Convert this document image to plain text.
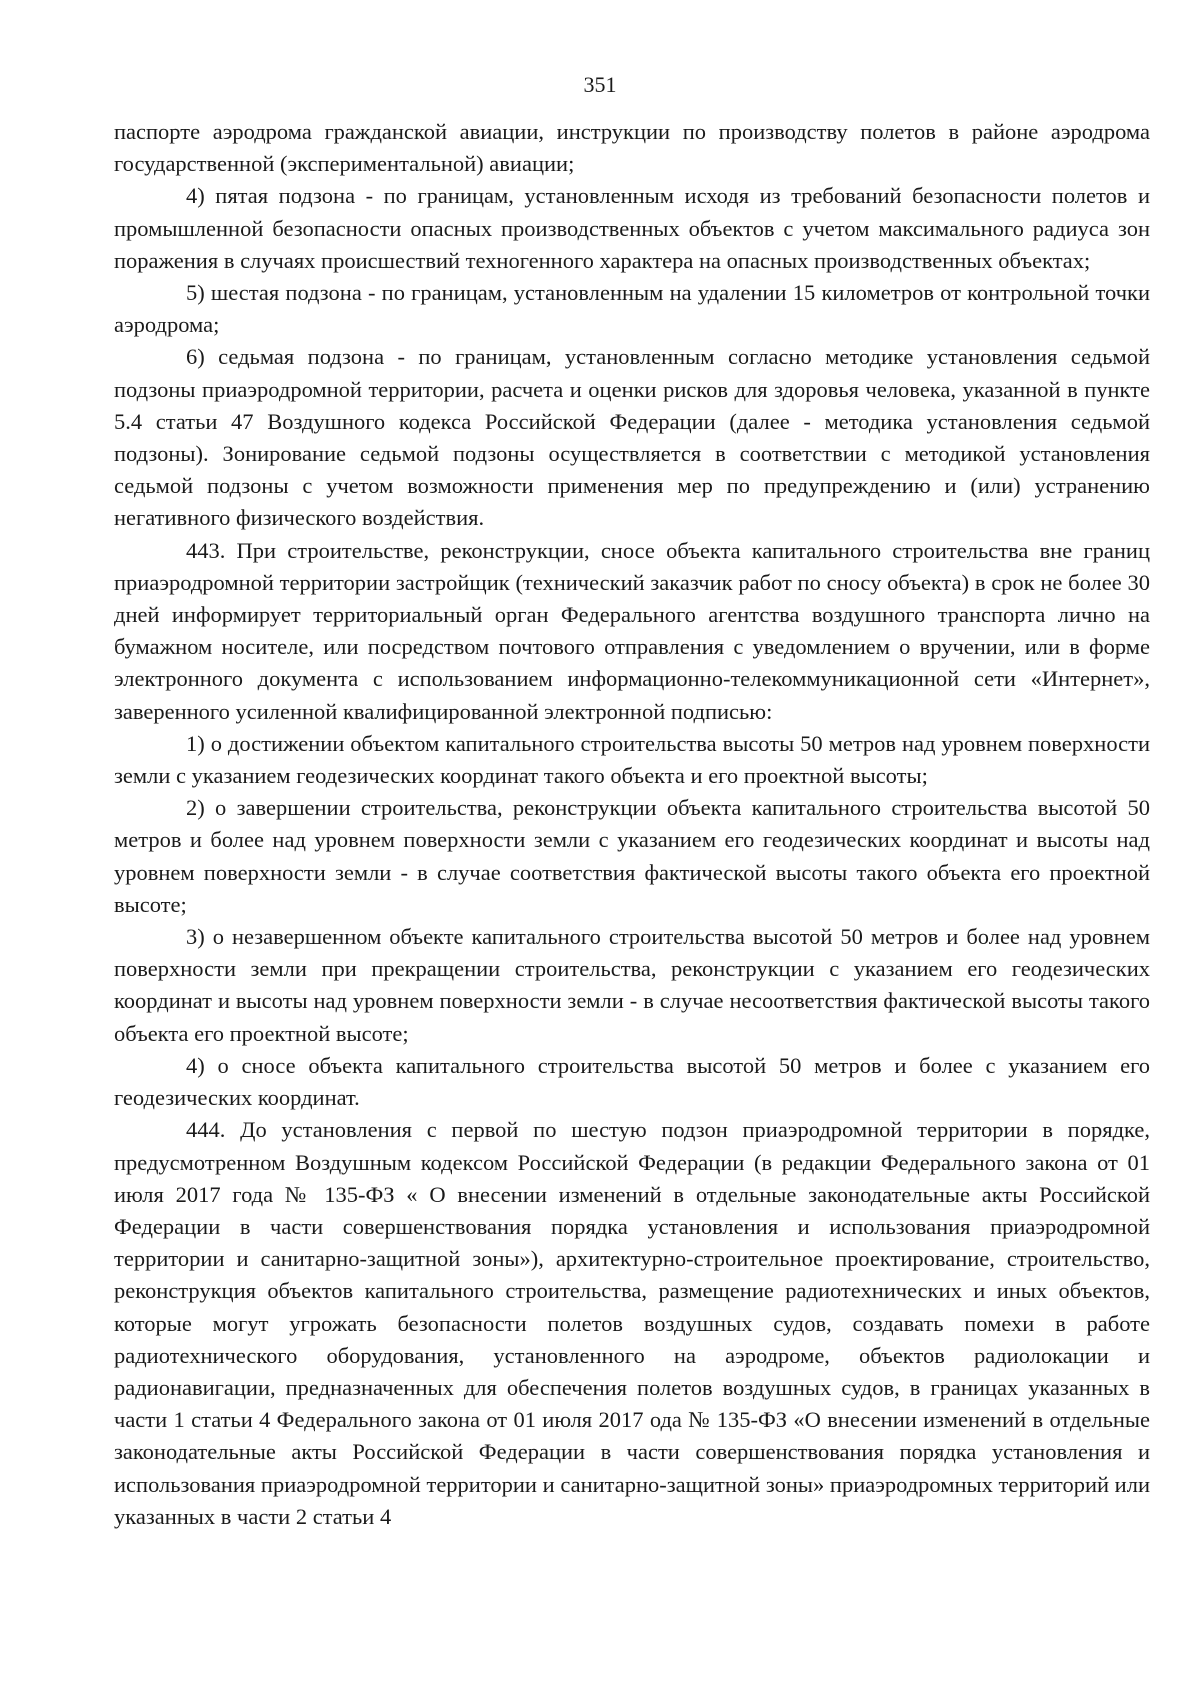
351

паспорте аэродрома гражданской авиации, инструкции по производству полетов в районе аэродрома государственной (экспериментальной) авиации;

4) пятая подзона - по границам, установленным исходя из требований безопасности полетов и промышленной безопасности опасных производственных объектов с учетом максимального радиуса зон поражения в случаях происшествий техногенного характера на опасных производственных объектах;

5) шестая подзона - по границам, установленным на удалении 15 километров от контрольной точки аэродрома;

6) седьмая подзона - по границам, установленным согласно методике установления седьмой подзоны приаэродромной территории, расчета и оценки рисков для здоровья человека, указанной в пункте 5.4 статьи 47 Воздушного кодекса Российской Федерации (далее - методика установления седьмой подзоны). Зонирование седьмой подзоны осуществляется в соответствии с методикой установления седьмой подзоны с учетом возможности применения мер по предупреждению и (или) устранению негативного физического воздействия.

443. При строительстве, реконструкции, сносе объекта капитального строительства вне границ приаэродромной территории застройщик (технический заказчик работ по сносу объекта) в срок не более 30 дней информирует территориальный орган Федерального агентства воздушного транспорта лично на бумажном носителе, или посредством почтового отправления с уведомлением о вручении, или в форме электронного документа с использованием информационно-телекоммуникационной сети «Интернет», заверенного усиленной квалифицированной электронной подписью:

1) о достижении объектом капитального строительства высоты 50 метров над уровнем поверхности земли с указанием геодезических координат такого объекта и его проектной высоты;

2) о завершении строительства, реконструкции объекта капитального строительства высотой 50 метров и более над уровнем поверхности земли с указанием его геодезических координат и высоты над уровнем поверхности земли - в случае соответствия фактической высоты такого объекта его проектной высоте;

3) о незавершенном объекте капитального строительства высотой 50 метров и более над уровнем поверхности земли при прекращении строительства, реконструкции с указанием его геодезических координат и высоты над уровнем поверхности земли - в случае несоответствия фактической высоты такого объекта его проектной высоте;

4) о сносе объекта капитального строительства высотой 50 метров и более с указанием его геодезических координат.

444. До установления с первой по шестую подзон приаэродромной территории в порядке, предусмотренном Воздушным кодексом Российской Федерации (в редакции Федерального закона от 01 июля 2017 года № 135-ФЗ « О внесении изменений в отдельные законодательные акты Российской Федерации в части совершенствования порядка установления и использования приаэродромной территории и санитарно-защитной зоны»), архитектурно-строительное проектирование, строительство, реконструкция объектов капитального строительства, размещение радиотехнических и иных объектов, которые могут угрожать безопасности полетов воздушных судов, создавать помехи в работе радиотехнического оборудования, установленного на аэродроме, объектов радиолокации и радионавигации, предназначенных для обеспечения полетов воздушных судов, в границах указанных в части 1 статьи 4 Федерального закона от 01 июля 2017 ода № 135-ФЗ «О внесении изменений в отдельные законодательные акты Российской Федерации в части совершенствования порядка установления и использования приаэродромной территории и санитарно-защитной зоны» приаэродромных территорий или указанных в части 2 статьи 4
